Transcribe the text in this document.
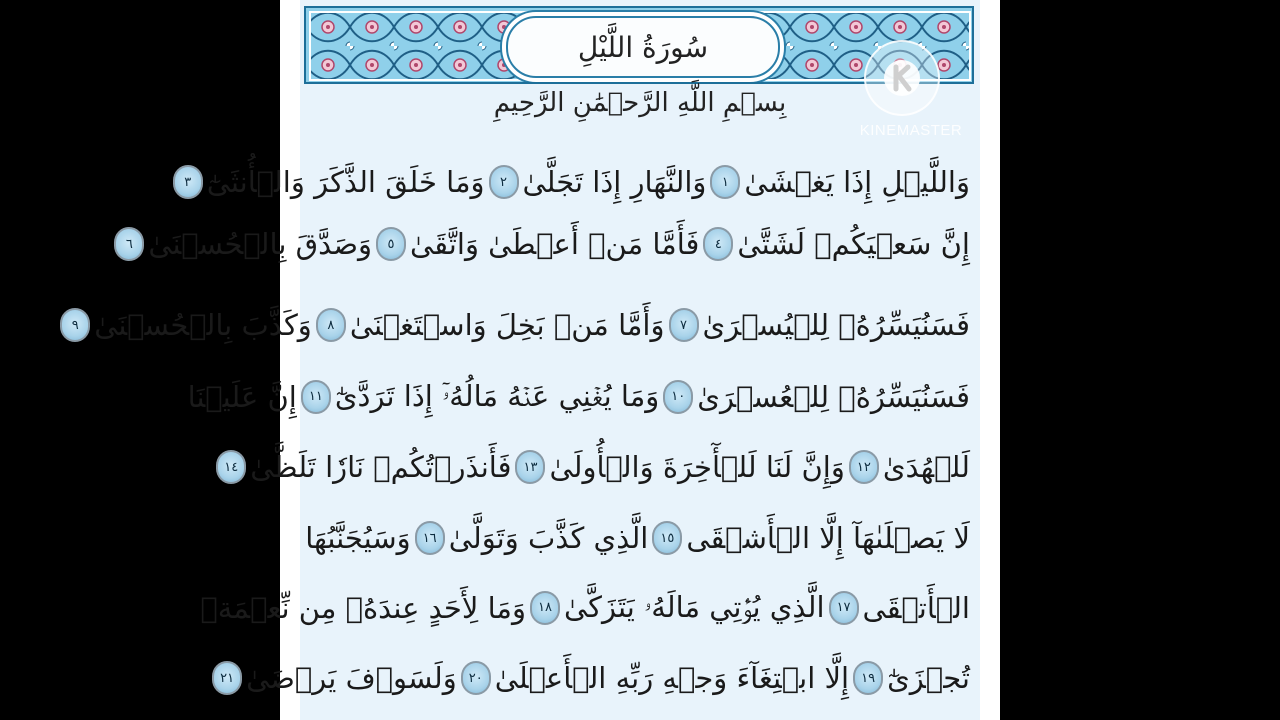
سُورَةُ اللَّيْلِ
بِسۡمِ اللَّهِ الرَّحۡمَٰنِ الرَّحِيمِ
وَاللَّيۡلِ إِذَا يَغۡشَىٰ
١
وَالنَّهَارِ إِذَا تَجَلَّىٰ
٢
وَمَا خَلَقَ الذَّكَرَ وَالۡأُنثَىٰٓ
٣
إِنَّ سَعۡيَكُمۡ لَشَتَّىٰ
٤
فَأَمَّا مَنۡ أَعۡطَىٰ وَاتَّقَىٰ
٥
وَصَدَّقَ بِالۡحُسۡنَىٰ
٦
فَسَنُيَسِّرُهُۥ لِلۡيُسۡرَىٰ
٧
وَأَمَّا مَنۢ بَخِلَ وَاسۡتَغۡنَىٰ
٨
وَكَذَّبَ بِالۡحُسۡنَىٰ
٩
فَسَنُيَسِّرُهُۥ لِلۡعُسۡرَىٰ
١٠
وَمَا يُغۡنِي عَنۡهُ مَالُهُۥٓ إِذَا تَرَدَّىٰٓ
١١
إِنَّ عَلَيۡنَا
لَلۡهُدَىٰ
١٢
وَإِنَّ لَنَا لَلۡأٓخِرَةَ وَالۡأُولَىٰ
١٣
فَأَنذَرۡتُكُمۡ نَارٗا تَلَظَّىٰ
١٤
لَا يَصۡلَىٰهَآ إِلَّا الۡأَشۡقَى
١٥
الَّذِي كَذَّبَ وَتَوَلَّىٰ
١٦
وَسَيُجَنَّبُهَا
الۡأَتۡقَى
١٧
الَّذِي يُؤۡتِي مَالَهُۥ يَتَزَكَّىٰ
١٨
وَمَا لِأَحَدٍ عِندَهُۥ مِن نِّعۡمَةٖ
تُجۡزَىٰٓ
١٩
إِلَّا ابۡتِغَآءَ وَجۡهِ رَبِّهِ الۡأَعۡلَىٰ
٢٠
وَلَسَوۡفَ يَرۡضَىٰ
٢١
KINEMASTER
